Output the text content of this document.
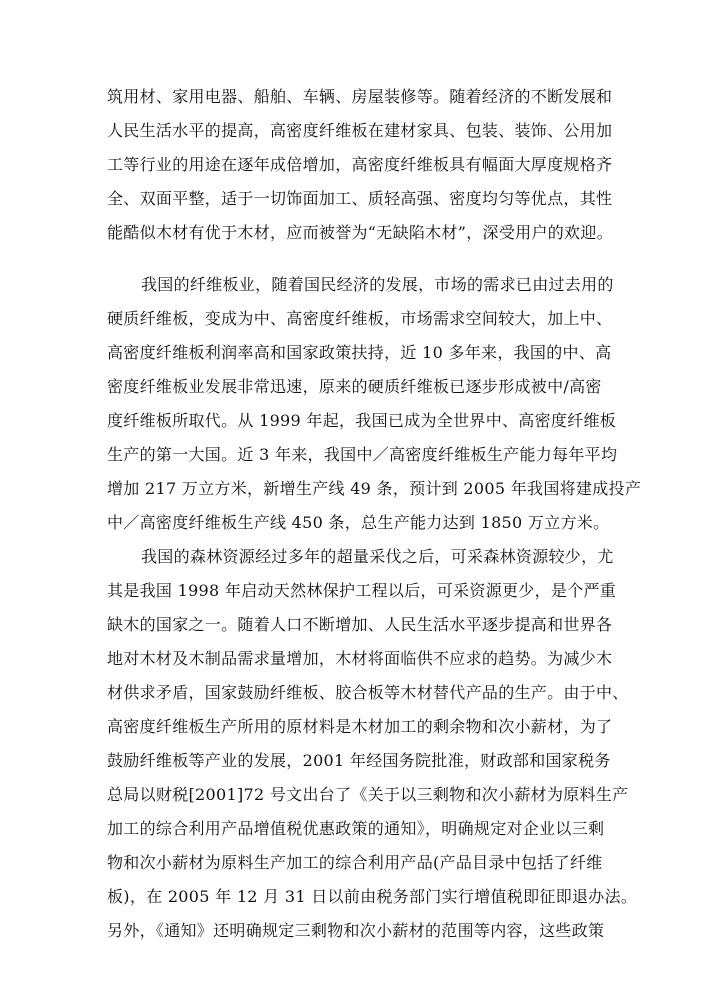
筑用材、家用电器、船舶、车辆、房屋装修等。随着经济的不断发展和
人民生活水平的提高，高密度纤维板在建材家具、包装、装饰、公用加
工等行业的用途在逐年成倍增加，高密度纤维板具有幅面大厚度规格齐
全、双面平整，适于一切饰面加工、质轻高强、密度均匀等优点，其性
能酷似木材有优于木材，应而被誉为“无缺陷木材”，深受用户的欢迎。
我国的纤维板业，随着国民经济的发展，市场的需求已由过去用的
硬质纤维板，变成为中、高密度纤维板，市场需求空间较大，加上中、
高密度纤维板利润率高和国家政策扶持，近 10 多年来，我国的中、高
密度纤维板业发展非常迅速，原来的硬质纤维板已逐步形成被中/高密
度纤维板所取代。从 1999 年起，我国已成为全世界中、高密度纤维板
生产的第一大国。近 3 年来，我国中／高密度纤维板生产能力每年平均
增加 217 万立方米，新增生产线 49 条，预计到 2005 年我国将建成投产
中／高密度纤维板生产线 450 条，总生产能力达到 1850 万立方米。
我国的森林资源经过多年的超量采伐之后，可采森林资源较少，尤
其是我国 1998 年启动天然林保护工程以后，可采资源更少，是个严重
缺木的国家之一。随着人口不断增加、人民生活水平逐步提高和世界各
地对木材及木制品需求量增加，木材将面临供不应求的趋势。为减少木
材供求矛盾，国家鼓励纤维板、胶合板等木材替代产品的生产。由于中、
高密度纤维板生产所用的原材料是木材加工的剩余物和次小薪材，为了
鼓励纤维板等产业的发展，2001 年经国务院批准，财政部和国家税务
总局以财税[2001]72 号文出台了《关于以三剩物和次小薪材为原料生产
加工的综合利用产品增值税优惠政策的通知》，明确规定对企业以三剩
物和次小薪材为原料生产加工的综合利用产品(产品目录中包括了纤维
板)，在 2005 年 12 月 31 日以前由税务部门实行增值税即征即退办法。
另外，《通知》还明确规定三剩物和次小薪材的范围等内容，这些政策
